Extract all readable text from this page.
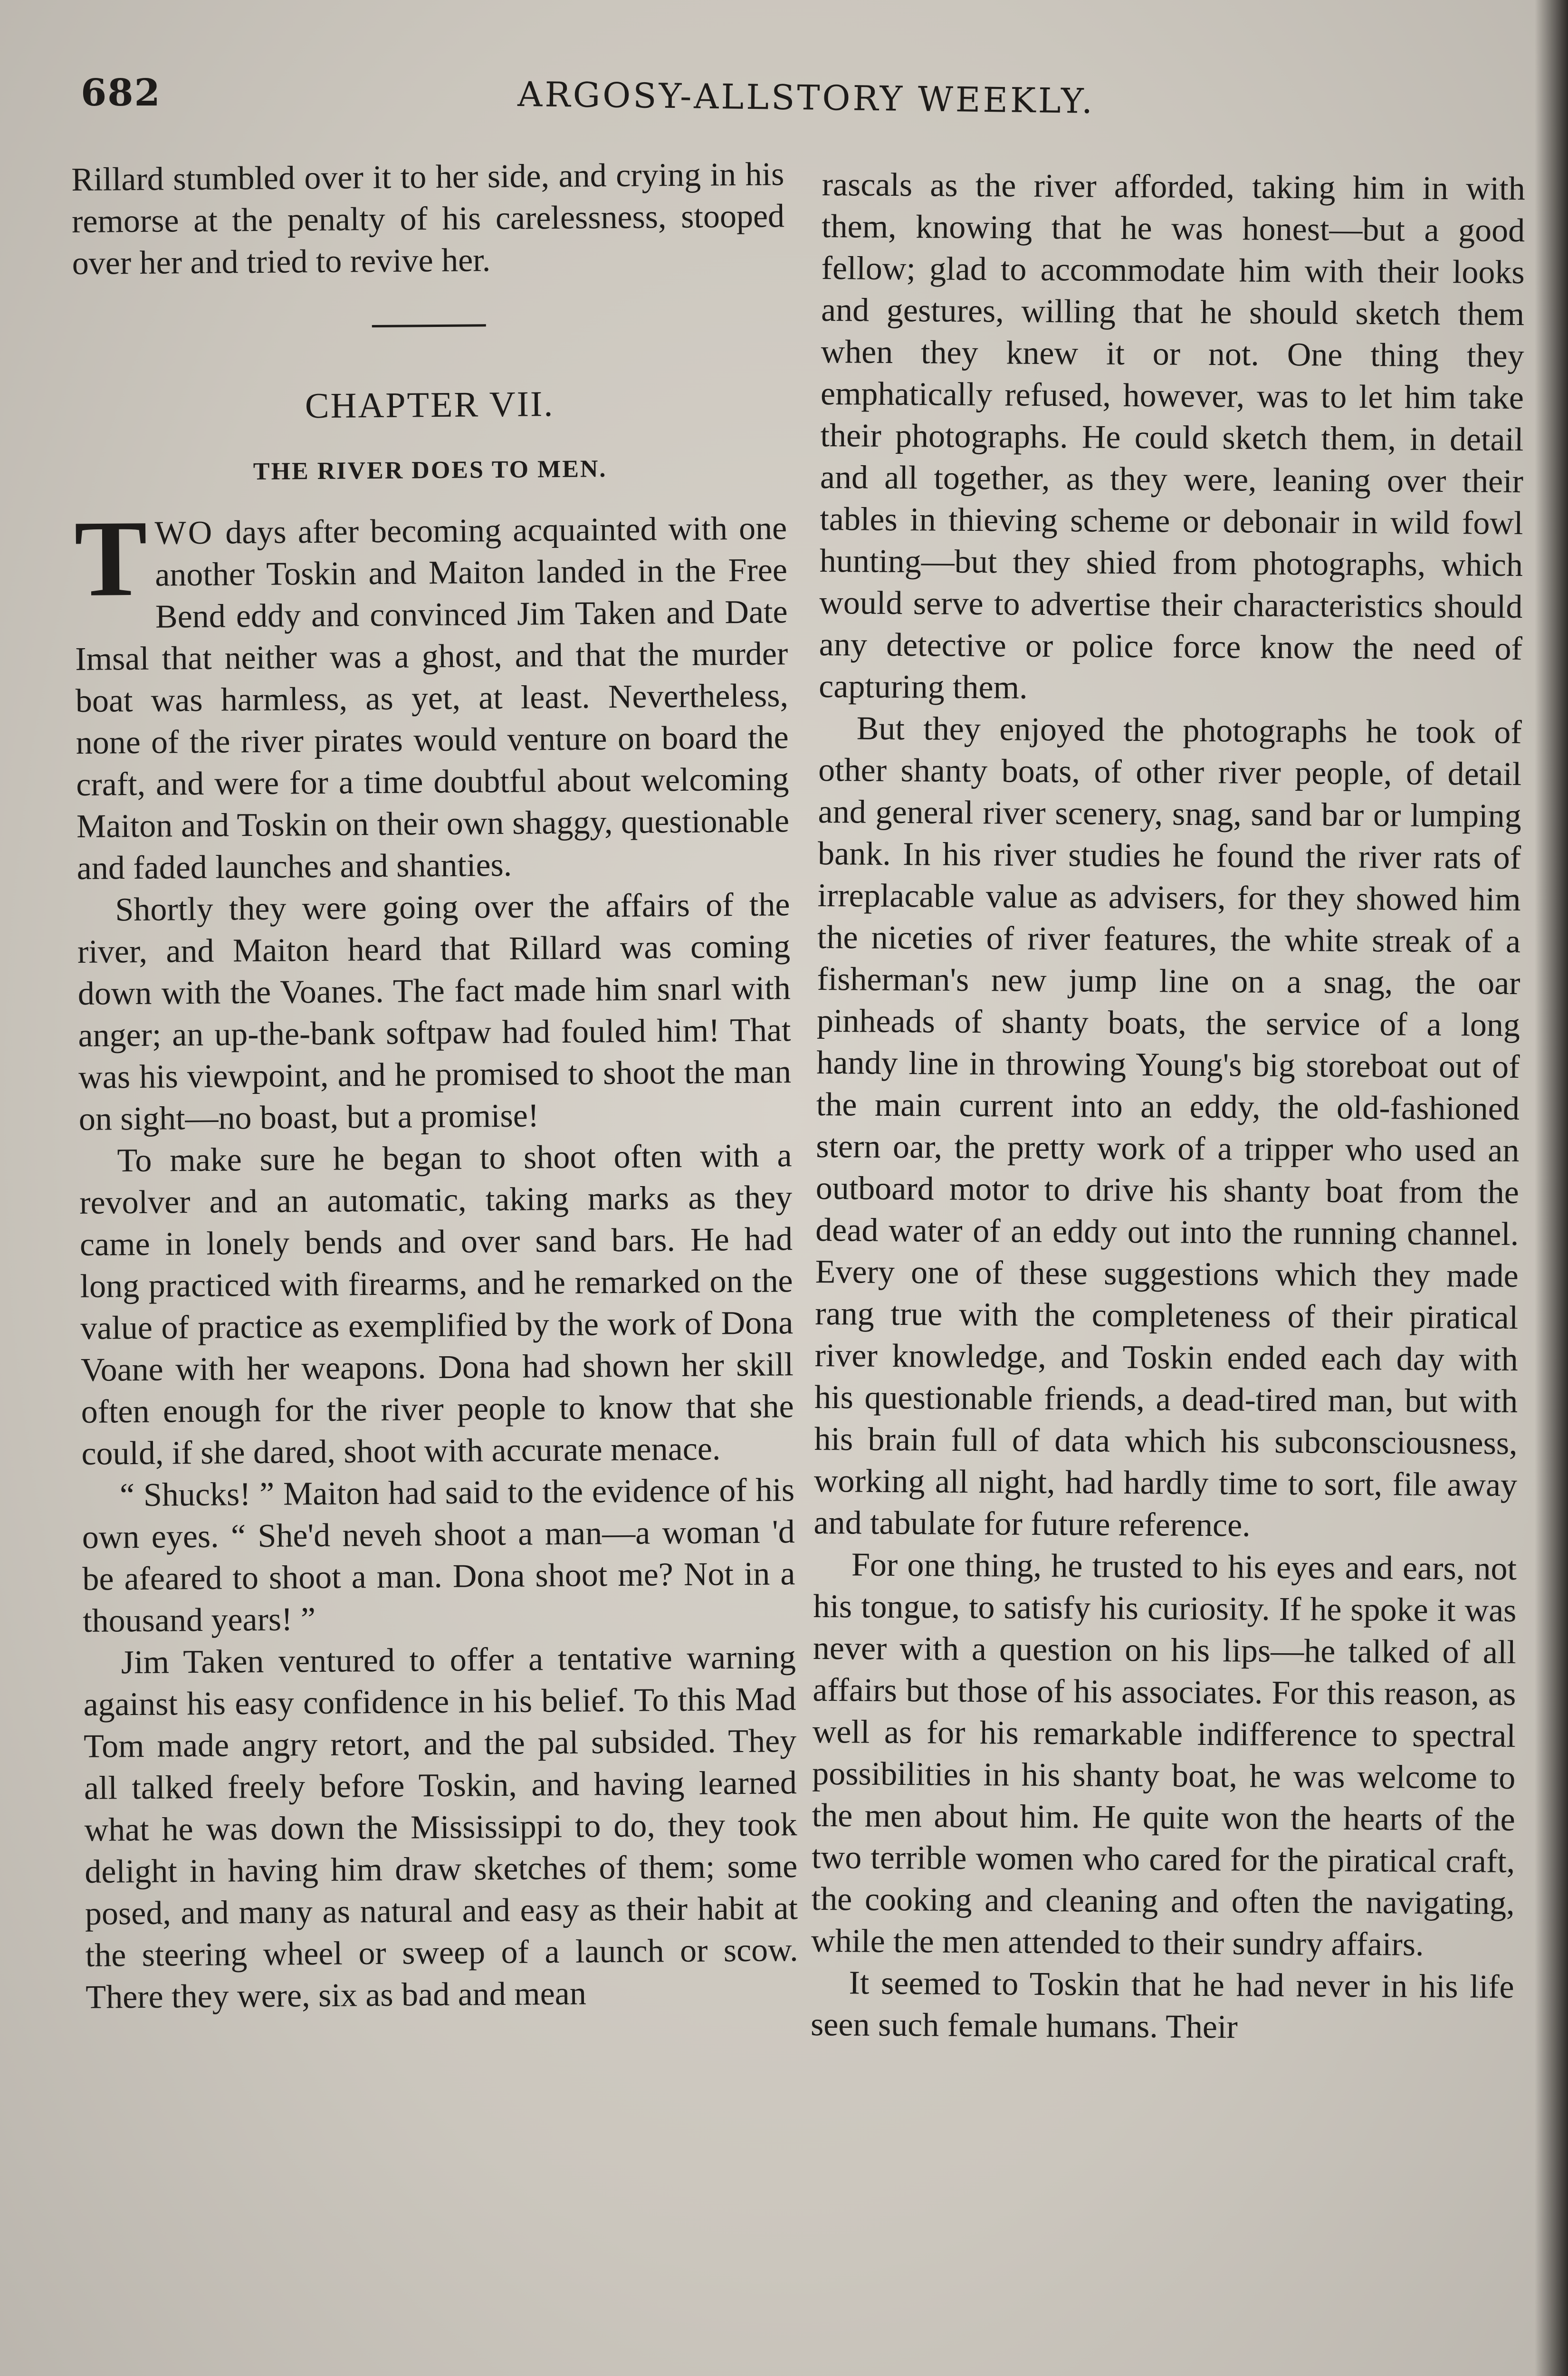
682	ARGOSY-ALLSTORY WEEKLY.

Rillard stumbled over it to her side, and crying in his remorse at the penalty of his carelessness, stooped over her and tried to revive her.

CHAPTER VII.
THE RIVER DOES TO MEN.

TWO days after becoming acquainted with one another Toskin and Maiton landed in the Free Bend eddy and convinced Jim Taken and Date Imsal that neither was a ghost, and that the murder boat was harmless, as yet, at least. Nevertheless, none of the river pirates would venture on board the craft, and were for a time doubtful about welcoming Maiton and Toskin on their own shaggy, questionable and faded launches and shanties.

Shortly they were going over the affairs of the river, and Maiton heard that Rillard was coming down with the Voanes. The fact made him snarl with anger; an up-the-bank softpaw had fouled him! That was his viewpoint, and he promised to shoot the man on sight—no boast, but a promise!

To make sure he began to shoot often with a revolver and an automatic, taking marks as they came in lonely bends and over sand bars. He had long practiced with firearms, and he remarked on the value of practice as exemplified by the work of Dona Voane with her weapons. Dona had shown her skill often enough for the river people to know that she could, if she dared, shoot with accurate menace.

“ Shucks! ” Maiton had said to the evidence of his own eyes. “ She'd neveh shoot a man—a woman 'd be afeared to shoot a man. Dona shoot me? Not in a thousand years! ”

Jim Taken ventured to offer a tentative warning against his easy confidence in his belief. To this Mad Tom made angry retort, and the pal subsided. They all talked freely before Toskin, and having learned what he was down the Mississippi to do, they took delight in having him draw sketches of them; some posed, and many as natural and easy as their habit at the steering wheel or sweep of a launch or scow. There they were, six as bad and mean

rascals as the river afforded, taking him in with them, knowing that he was honest—but a good fellow; glad to accommodate him with their looks and gestures, willing that he should sketch them when they knew it or not. One thing they emphatically refused, however, was to let him take their photographs. He could sketch them, in detail and all together, as they were, leaning over their tables in thieving scheme or debonair in wild fowl hunting—but they shied from photographs, which would serve to advertise their characteristics should any detective or police force know the need of capturing them.

But they enjoyed the photographs he took of other shanty boats, of other river people, of detail and general river scenery, snag, sand bar or lumping bank. In his river studies he found the river rats of irreplacable value as advisers, for they showed him the niceties of river features, the white streak of a fisherman's new jump line on a snag, the oar pinheads of shanty boats, the service of a long handy line in throwing Young's big storeboat out of the main current into an eddy, the old-fashioned stern oar, the pretty work of a tripper who used an outboard motor to drive his shanty boat from the dead water of an eddy out into the running channel. Every one of these suggestions which they made rang true with the completeness of their piratical river knowledge, and Toskin ended each day with his questionable friends, a dead-tired man, but with his brain full of data which his subconsciousness, working all night, had hardly time to sort, file away and tabulate for future reference.

For one thing, he trusted to his eyes and ears, not his tongue, to satisfy his curiosity. If he spoke it was never with a question on his lips—he talked of all affairs but those of his associates. For this reason, as well as for his remarkable indifference to spectral possibilities in his shanty boat, he was welcome to the men about him. He quite won the hearts of the two terrible women who cared for the piratical craft, the cooking and cleaning and often the navigating, while the men attended to their sundry affairs.

It seemed to Toskin that he had never in his life seen such female humans. Their
